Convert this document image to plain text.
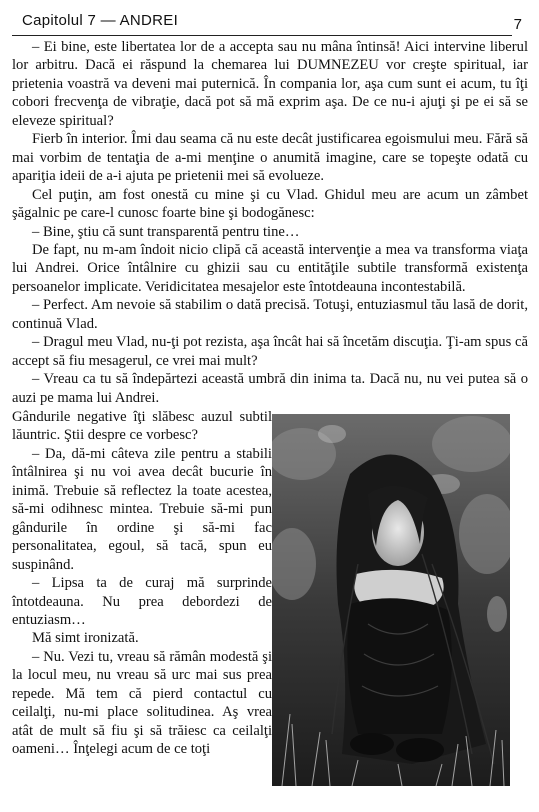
Capitolul 7 — ANDREI	7

– Ei bine, este libertatea lor de a accepta sau nu mâna întinsă! Aici intervine liberul lor arbitru. Dacă ei răspund la chemarea lui DUMNEZEU vor creşte spiritual, iar prietenia voastră va deveni mai puternică. În compania lor, aşa cum sunt ei acum, tu îţi cobori frecvenţa de vibraţie, dacă pot să mă exprim aşa. De ce nu-i ajuţi şi pe ei să se eleveze spiritual?

Fierb în interior. Îmi dau seama că nu este decât justificarea egoismului meu. Fără să mai vorbim de tentaţia de a-mi menţine o anumită imagine, care se topeşte odată cu apariţia ideii de a-i ajuta pe prietenii mei să evolueze.

Cel puţin, am fost onestă cu mine şi cu Vlad. Ghidul meu are acum un zâmbet şăgalnic pe care-l cunosc foarte bine şi bodogănesc:

– Bine, ştiu că sunt transparentă pentru tine…

De fapt, nu m-am îndoit nicio clipă că această intervenţie a mea va transforma viaţa lui Andrei. Orice întâlnire cu ghizii sau cu entităţile subtile transformă existenţa persoanelor implicate. Veridicitatea mesajelor este întotdeauna incontestabilă.

– Perfect. Am nevoie să stabilim o dată precisă. Totuşi, entuziasmul tău lasă de dorit, continuă Vlad.

– Dragul meu Vlad, nu-ţi pot rezista, aşa încât hai să încetăm discuţia. Ţi-am spus că accept să fiu mesagerul, ce vrei mai mult?

– Vreau ca tu să îndepărtezi această umbră din inima ta. Dacă nu, nu vei putea să o auzi pe mama lui Andrei.

Gândurile negative îţi slăbesc auzul subtil lăuntric. Ştii despre ce vorbesc?

– Da, dă-mi câteva zile pentru a stabili întâlnirea şi nu voi avea decât bucurie în inimă. Trebuie să reflectez la toate acestea, să-mi odihnesc mintea. Trebuie să-mi pun gândurile în ordine şi să-mi fac personalitatea, egoul, să tacă, spun eu suspinând.

– Lipsa ta de curaj mă surprinde întotdeauna. Nu prea debordezi de entuziasm…

Mă simt ironizată.

– Nu. Vezi tu, vreau să rămân modestă şi la locul meu, nu vreau să urc mai sus prea repede. Mă tem că pierd contactul cu ceilalţi, nu-mi place solitudinea. Aş vrea atât de mult să fiu şi să trăiesc ca ceilalţi oameni… Înţelegi acum de ce toţi
